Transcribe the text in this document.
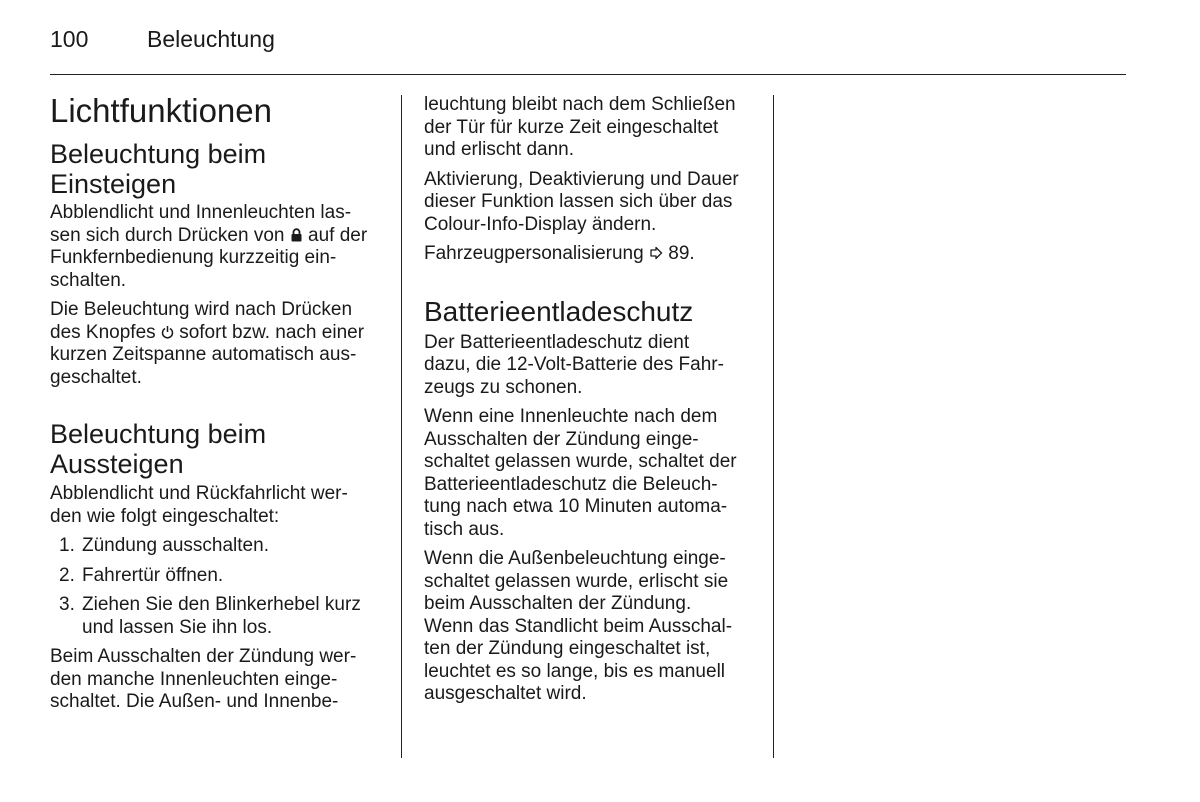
100	Beleuchtung
Lichtfunktionen
Beleuchtung beim
Einsteigen

Abblendlicht und Innenleuchten las-
sen sich durch Drücken von auf der
Funkfernbedienung kurzzeitig ein-
schalten.

Die Beleuchtung wird nach Drücken
des Knopfes sofort bzw. nach einer
kurzen Zeitspanne automatisch aus-
geschaltet.

Beleuchtung beim
Aussteigen

Abblendlicht und Rückfahrlicht wer-
den wie folgt eingeschaltet:

1. Zündung ausschalten.
2. Fahrertür öffnen.
3. Ziehen Sie den Blinkerhebel kurz
und lassen Sie ihn los.

Beim Ausschalten der Zündung wer-
den manche Innenleuchten einge-
schaltet. Die Außen- und Innenbe-

leuchtung bleibt nach dem Schließen
der Tür für kurze Zeit eingeschaltet
und erlischt dann.

Aktivierung, Deaktivierung und Dauer
dieser Funktion lassen sich über das
Colour-Info-Display ändern.

Fahrzeugpersonalisierung 89.

Batterieentladeschutz

Der Batterieentladeschutz dient
dazu, die 12-Volt-Batterie des Fahr-
zeugs zu schonen.

Wenn eine Innenleuchte nach dem
Ausschalten der Zündung einge-
schaltet gelassen wurde, schaltet der
Batterieentladeschutz die Beleuch-
tung nach etwa 10 Minuten automa-
tisch aus.

Wenn die Außenbeleuchtung einge-
schaltet gelassen wurde, erlischt sie
beim Ausschalten der Zündung.
Wenn das Standlicht beim Ausschal-
ten der Zündung eingeschaltet ist,
leuchtet es so lange, bis es manuell
ausgeschaltet wird.
